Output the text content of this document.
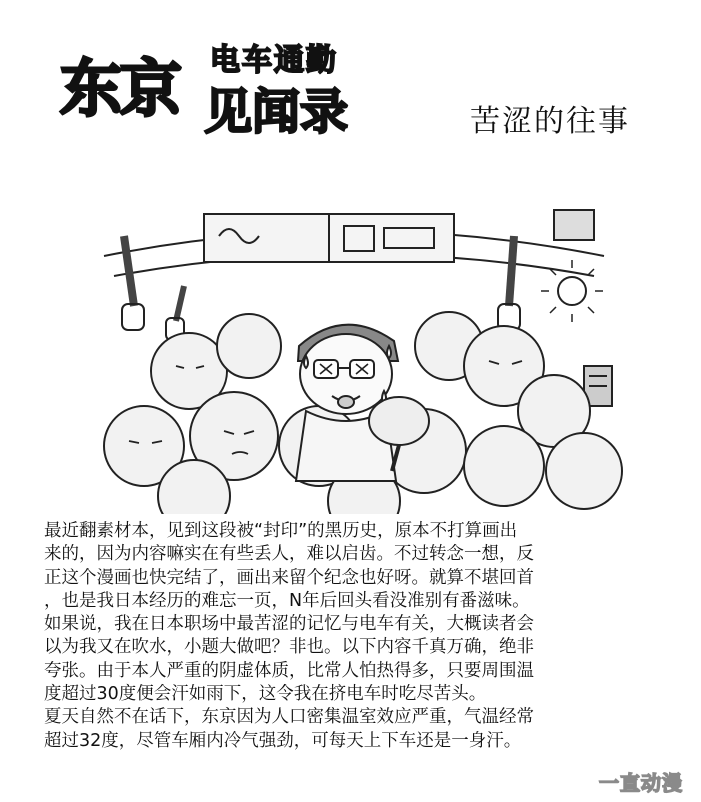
东京 电车通勤
见闻录	苦涩的往事

最近翻素材本，见到这段被“封印”的黑历史，原本不打算画出

来的，因为内容嘛实在有些丢人，难以启齿。不过转念一想，反

正这个漫画也快完结了，画出来留个纪念也好呀。就算不堪回首

，也是我日本经历的难忘一页，N年后回头看没准别有番滋味。

如果说，我在日本职场中最苦涩的记忆与电车有关，大概读者会

以为我又在吹水，小题大做吧？非也。以下内容千真万确，绝非

夸张。由于本人严重的阴虚体质，比常人怕热得多，只要周围温

度超过30度便会汗如雨下，这令我在挤电车时吃尽苦头。

夏天自然不在话下，东京因为人口密集温室效应严重，气温经常

超过32度，尽管车厢内冷气强劲，可每天上下车还是一身汗。

一直动漫
